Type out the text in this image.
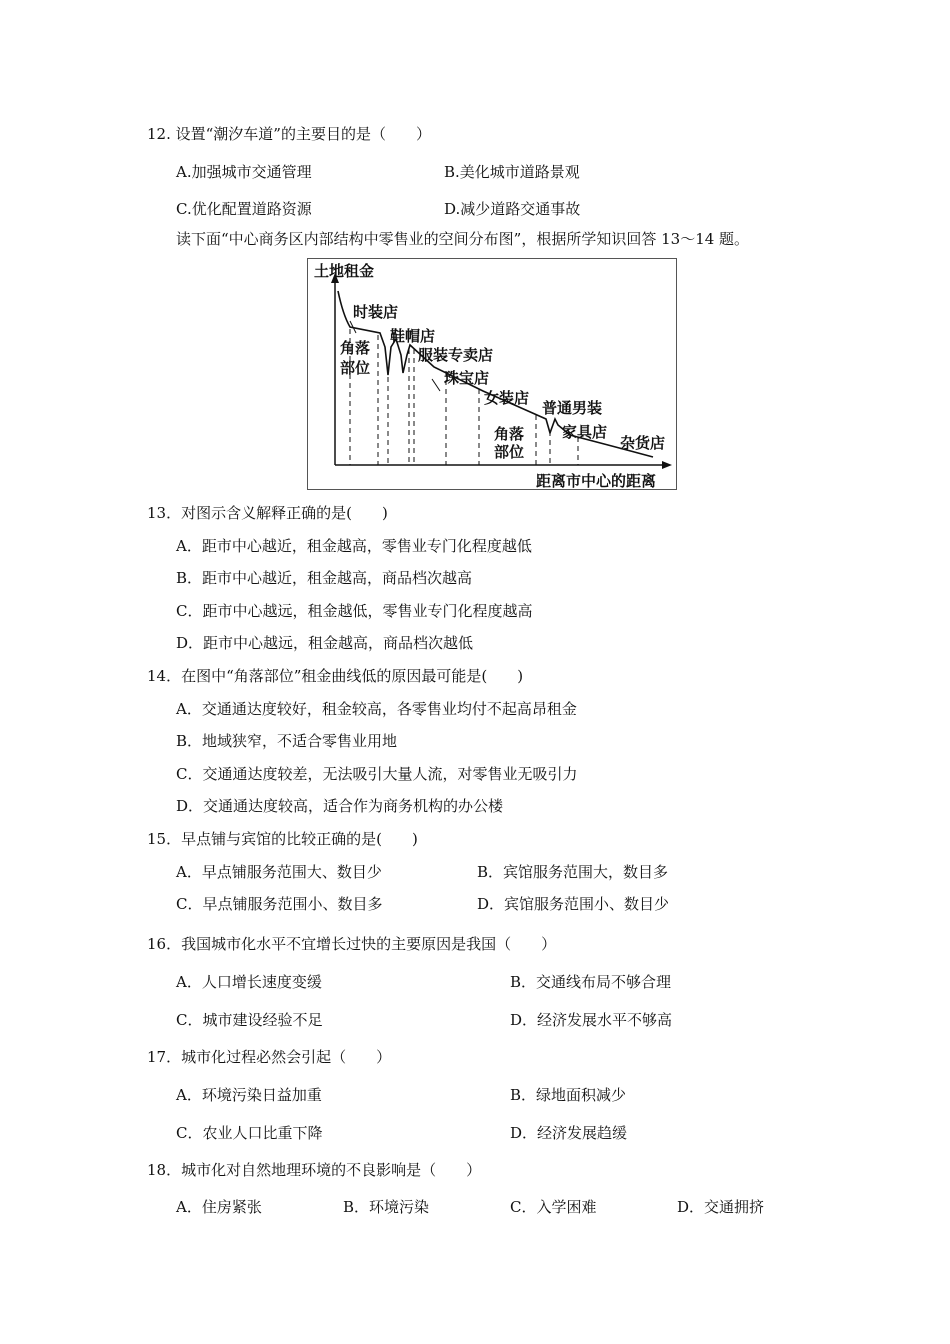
12. 设置“潮汐车道”的主要目的是（　　）
A.加强城市交通管理	B.美化城市道路景观
C.优化配置道路资源	D.减少道路交通事故
读下面“中心商务区内部结构中零售业的空间分布图”，根据所学知识回答 13～14 题。
土地租金
距离市中心的距离
时装店
鞋帽店
角落
部位
服装专卖店
珠宝店
女装店
普通男装
角落
部位
家具店
杂货店
13．对图示含义解释正确的是(　　)
A．距市中心越近，租金越高，零售业专门化程度越低
B．距市中心越近，租金越高，商品档次越高
C．距市中心越远，租金越低，零售业专门化程度越高
D．距市中心越远，租金越高，商品档次越低
14．在图中“角落部位”租金曲线低的原因最可能是(　　)
A．交通通达度较好，租金较高，各零售业均付不起高昂租金
B．地域狭窄，不适合零售业用地
C．交通通达度较差，无法吸引大量人流，对零售业无吸引力
D．交通通达度较高，适合作为商务机构的办公楼
15．早点铺与宾馆的比较正确的是(　　)
A．早点铺服务范围大、数目少	B．宾馆服务范围大，数目多
C．早点铺服务范围小、数目多	D．宾馆服务范围小、数目少
16．我国城市化水平不宜增长过快的主要原因是我国（　　）
A．人口增长速度变缓	B．交通线布局不够合理
C．城市建设经验不足	D．经济发展水平不够高
17．城市化过程必然会引起（　　）
A．环境污染日益加重	B．绿地面积减少
C．农业人口比重下降	D．经济发展趋缓
18．城市化对自然地理环境的不良影响是（　　）
A．住房紧张	B．环境污染	C．入学困难	D．交通拥挤
